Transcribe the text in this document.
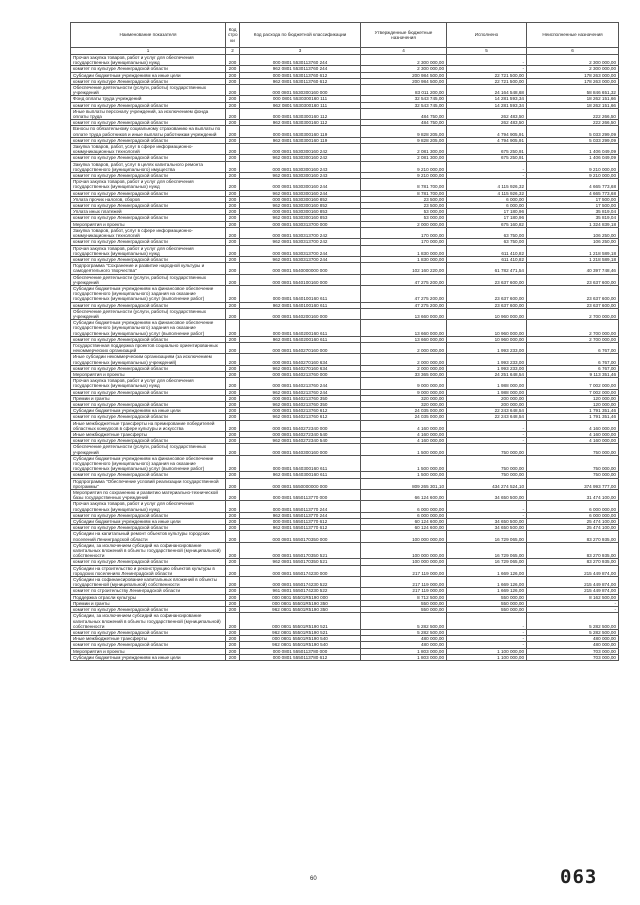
Наименование показателя	Код стро ки	Код расхода по бюджетной классификации	Утвержденные бюджетные назначения	Исполнено	Неисполненные назначения
1	2	3	4	5	6
Прочая закупка товаров, работ и услуг для обеспечения государственных (муниципальных) нужд	200	000 0801 5530113760 244	2 300 000,00	-	2 300 000,00
комитет по культуре Ленинградской области	200	962 0801 5530113760 244	2 300 000,00	-	2 300 000,00
Субсидии бюджетным учреждениям на иные цели	200	000 0801 5530113760 612	200 984 500,00	22 721 500,00	178 263 000,00
комитет по культуре Ленинградской области	200	962 0801 5530113760 612	200 984 500,00	22 721 500,00	178 263 000,00
Обеспечение деятельности (услуги, работы) государственных учреждений	200	000 0801 5530300160 000	83 011 200,00	24 164 548,68	58 846 651,32
Фонд оплаты труда учреждений	200	000 0801 5530300160 111	32 543 745,00	14 281 593,34	18 262 151,66
комитет по культуре Ленинградской области	200	962 0801 5530300160 111	32 543 745,00	14 281 593,34	18 262 151,66
Иные выплаты персоналу учреждений, за исключением фонда оплаты труда	200	000 0801 5530300160 112	484 750,00	262 483,50	222 266,50
комитет по культуре Ленинградской области	200	962 0801 5530300160 112	484 750,00	262 483,50	222 266,50
Взносы по обязательному социальному страхованию на выплаты по оплате труда работников и иные выплаты работникам учреждений	200	000 0801 5530300160 119	9 828 205,00	4 794 905,91	5 033 299,09
комитет по культуре Ленинградской области	200	962 0801 5530300160 119	9 828 205,00	4 794 905,91	5 033 299,09
Закупка товаров, работ, услуг в сфере информационно-коммуникационных технологий	200	000 0801 5530300160 242	2 081 300,00	675 250,91	1 406 049,09
комитет по культуре Ленинградской области	200	962 0801 5530300160 242	2 081 300,00	675 250,91	1 406 049,09
Закупка товаров, работ, услуг в целях капитального ремонта государственного (муниципального) имущества	200	000 0801 5530300160 243	9 210 000,00	-	9 210 000,00
комитет по культуре Ленинградской области	200	962 0801 5530300160 243	9 210 000,00	-	9 210 000,00
Прочая закупка товаров, работ и услуг для обеспечения государственных (муниципальных) нужд	200	000 0801 5530300160 244	8 781 700,00	4 115 926,32	4 665 773,68
комитет по культуре Ленинградской области	200	962 0801 5530300160 244	8 781 700,00	4 115 926,32	4 665 773,68
Уплата прочих налогов, сборов	200	000 0801 5530300160 852	23 500,00	6 000,00	17 500,00
комитет по культуре Ленинградской области	200	962 0801 5530300160 852	23 500,00	6 000,00	17 500,00
Уплата иных платежей	200	000 0801 5530300160 853	53 000,00	17 180,96	35 819,04
комитет по культуре Ленинградской области	200	962 0801 5530300160 853	53 000,00	17 180,96	35 819,04
Мероприятия и проекты	200	000 0801 5530313700 000	2 000 000,00	675 160,82	1 324 839,18
Закупка товаров, работ, услуг в сфере информационно-коммуникационных технологий	200	000 0801 5530313700 242	170 000,00	63 750,00	106 250,00
комитет по культуре Ленинградской области	200	962 0801 5530313700 242	170 000,00	63 750,00	106 250,00
Прочая закупка товаров, работ и услуг для обеспечения государственных (муниципальных) нужд	200	000 0801 5530313700 244	1 830 000,00	611 410,82	1 218 589,18
комитет по культуре Ленинградской области	200	962 0801 5530313700 244	1 830 000,00	611 410,82	1 218 589,18
Подпрограмма "Сохранение и развитие народной культуры и самодеятельного творчества"	200	000 0801 5540000000 000	102 160 220,00	61 782 471,54	40 397 748,46
Обеспечение деятельности (услуги, работы) государственных учреждений	200	000 0801 5540100160 000	47 275 200,00	23 637 600,00	23 637 600,00
Субсидии бюджетным учреждениям на финансовое обеспечение государственного (муниципального) задания на оказание государственных (муниципальных) услуг (выполнение работ)	200	000 0801 5540100160 611	47 275 200,00	23 637 600,00	23 637 600,00
комитет по культуре Ленинградской области	200	962 0801 5540100160 611	47 275 200,00	23 637 600,00	23 637 600,00
Обеспечение деятельности (услуги, работы) государственных учреждений	200	000 0801 5540200160 000	13 660 000,00	10 960 000,00	2 700 000,00
Субсидии бюджетным учреждениям на финансовое обеспечение государственного (муниципального) задания на оказание государственных (муниципальных) услуг (выполнение работ)	200	000 0801 5540200160 611	13 660 000,00	10 960 000,00	2 700 000,00
комитет по культуре Ленинградской области	200	962 0801 5540200160 611	13 660 000,00	10 960 000,00	2 700 000,00
Государственная поддержка проектов социально ориентированных некоммерческих организаций	200	000 0801 5540270160 000	2 000 000,00	1 993 233,00	6 767,00
Иные субсидии некоммерческим организациям (за исключением государственных (муниципальных) учреждений)	200	000 0801 5540270160 634	2 000 000,00	1 993 233,00	6 767,00
комитет по культуре Ленинградской области	200	962 0801 5540270160 634	2 000 000,00	1 993 233,00	6 767,00
Мероприятия и проекты	200	000 0801 5540213760 000	33 365 000,00	24 251 648,54	9 113 351,46
Прочая закупка товаров, работ и услуг для обеспечения государственных (муниципальных) нужд	200	000 0801 5540213760 244	9 000 000,00	1 988 000,00	7 002 000,00
комитет по культуре Ленинградской области	200	962 0801 5540213760 244	9 000 000,00	1 988 000,00	7 002 000,00
Премии и гранты	200	000 0801 5540213760 350	320 000,00	200 000,00	120 000,00
комитет по культуре Ленинградской области	200	962 0801 5540213760 350	320 000,00	200 000,00	120 000,00
Субсидии бюджетным учреждениям на иные цели	200	000 0801 5540213760 612	24 035 000,00	22 243 648,54	1 791 351,46
комитет по культуре Ленинградской области	200	962 0801 5540213760 612	24 035 000,00	22 243 648,54	1 791 351,46
Иные межбюджетные трансферты на премирование победителей областных конкурсов в сфере культуры и искусства	200	000 0801 5540272340 000	4 160 000,00	-	4 160 000,00
Иные межбюджетные трансферты	200	000 0801 5540272340 540	4 160 000,00	-	4 160 000,00
комитет по культуре Ленинградской области	200	962 0801 5540272340 540	4 160 000,00	-	4 160 000,00
Обеспечение деятельности (услуги, работы) государственных учреждений	200	000 0801 5540300160 000	1 500 000,00	750 000,00	750 000,00
Субсидии бюджетным учреждениям на финансовое обеспечение государственного (муниципального) задания на оказание государственных (муниципальных) услуг (выполнение работ)	200	000 0801 5540300160 611	1 500 000,00	750 000,00	750 000,00
комитет по культуре Ленинградской области	200	962 0801 5540300160 611	1 500 000,00	750 000,00	750 000,00
Подпрограмма "Обеспечение условий реализации государственной программы"	200	000 0801 5550000000 000	809 265 301,10	434 274 524,10	374 993 777,00
Мероприятия по сохранению и развитию материально-технической базы государственных учреждений	200	000 0801 5550113770 000	66 124 600,00	34 650 500,00	31 474 100,00
Прочая закупка товаров, работ и услуг для обеспечения государственных (муниципальных) нужд	200	000 0801 5550113770 244	6 000 000,00	-	6 000 000,00
комитет по культуре Ленинградской области	200	962 0801 5550113770 244	6 000 000,00	-	6 000 000,00
Субсидии бюджетным учреждениям на иные цели	200	000 0801 5550113770 612	60 124 600,00	34 650 500,00	25 474 100,00
комитет по культуре Ленинградской области	200	962 0801 5550113770 612	60 124 600,00	34 650 500,00	25 474 100,00
Субсидии на капитальный ремонт объектов культуры городских поселений Ленинградской области	200	000 0801 5550170350 000	100 000 000,00	16 729 065,00	83 270 935,00
Субсидии, за исключением субсидий на софинансирование капитальных вложений в объекты государственной (муниципальной) собственности	200	000 0801 5550170350 521	100 000 000,00	16 729 065,00	83 270 935,00
комитет по культуре Ленинградской области	200	962 0801 5550170350 521	100 000 000,00	16 729 065,00	83 270 935,00
Субсидии на строительство и реконструкцию объектов культуры в городских поселениях Ленинградской области	200	000 0801 5550174230 000	217 119 000,00	1 669 126,00	215 449 874,00
Субсидии на софинансирование капитальных вложений в объекты государственной (муниципальной) собственности	200	000 0801 5550174230 522	217 119 000,00	1 669 126,00	215 449 874,00
комитет по строительству Ленинградской области	200	961 0801 5550174230 522	217 119 000,00	1 669 126,00	215 449 874,00
Поддержка отрасли культуры	200	000 0801 55501R5190 000	8 712 500,00	550 000,00	8 162 500,00
Премии и гранты	200	000 0801 55501R5190 350	550 000,00	550 000,00	-
комитет по культуре Ленинградской области	200	962 0801 55501R5190 350	550 000,00	550 000,00	-
Субсидии, за исключением субсидий на софинансирование капитальных вложений в объекты государственной (муниципальной) собственности	200	000 0801 55501R5190 521	5 282 500,00	-	5 282 500,00
комитет по культуре Ленинградской области	200	962 0801 55501R5190 521	5 282 500,00	-	5 282 500,00
Иные межбюджетные трансферты	200	000 0801 55501R5190 540	480 000,00	-	480 000,00
комитет по культуре Ленинградской области	200	962 0801 55501R5190 540	480 000,00	-	480 000,00
Мероприятия и проекты	200	000 0801 5550113780 000	1 803 000,00	1 100 000,00	703 000,00
Субсидии бюджетным учреждениям на иные цели	200	000 0801 5550113780 612	1 803 000,00	1 100 000,00	703 000,00
60	063
